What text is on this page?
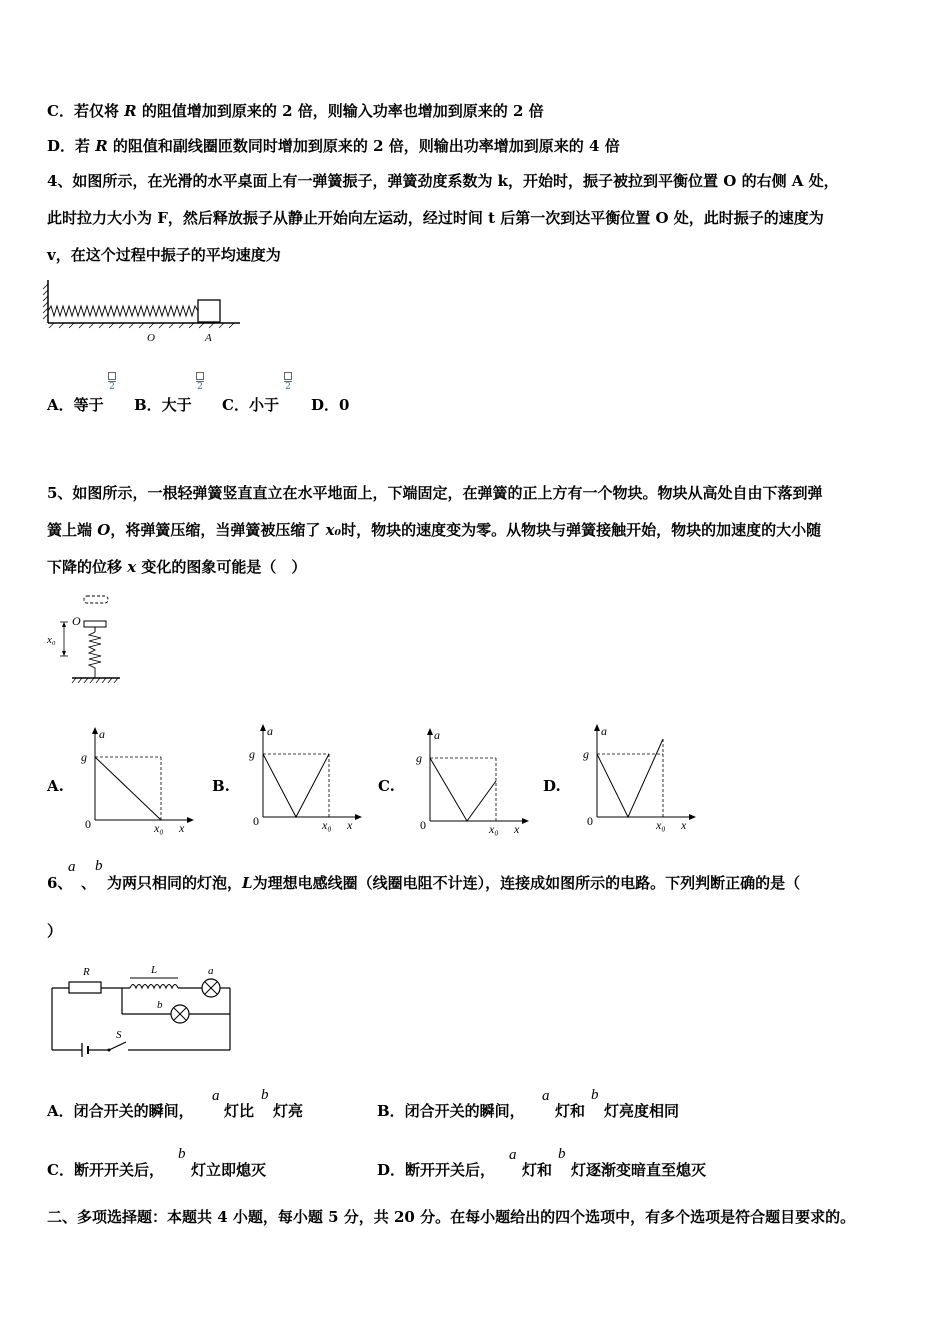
C．若仅将 R 的阻值增加到原来的 2 倍，则输入功率也增加到原来的 2 倍
D．若 R 的阻值和副线圈匝数同时增加到原来的 2 倍，则输出功率增加到原来的 4 倍
4、如图所示，在光滑的水平桌面上有一弹簧振子，弹簧劲度系数为 k，开始时，振子被拉到平衡位置 O 的右侧 A 处，
此时拉力大小为 F，然后释放振子从静止开始向左运动，经过时间 t 后第一次到达平衡位置 O 处，此时振子的速度为
v，在这个过程中振子的平均速度为
O	A
A．等于
2
B．大于
2
C．小于
2
D．0
5、如图所示，一根轻弹簧竖直直立在水平地面上，下端固定，在弹簧的正上方有一个物块。物块从高处自由下落到弹
簧上端 O，将弹簧压缩，当弹簧被压缩了 x₀时，物块的速度变为零。从物块与弹簧接触开始，物块的加速度的大小随
下降的位移 x 变化的图象可能是（　）
O
x₀
A.
a
g
0	x₀ x
B.
a
g
0	x₀ x
C.
a
g
0	x₀ x
D.
a
g
0	x₀ x
6、
a
、
b
为两只相同的灯泡，L为理想电感线圈（线圈电阻不计连），连接成如图所示的电路。下列判断正确的是（
）
R	L	a
b
S
A．闭合开关的瞬间，
a
灯比
b
灯亮	B．闭合开关的瞬间，
a
灯和
b
灯亮度相同
C．断开开关后，
b
灯立即熄灭	D．断开开关后，
a
灯和
b
灯逐渐变暗直至熄灭
二、多项选择题：本题共 4 小题，每小题 5 分，共 20 分。在每小题给出的四个选项中，有多个选项是符合题目要求的。
